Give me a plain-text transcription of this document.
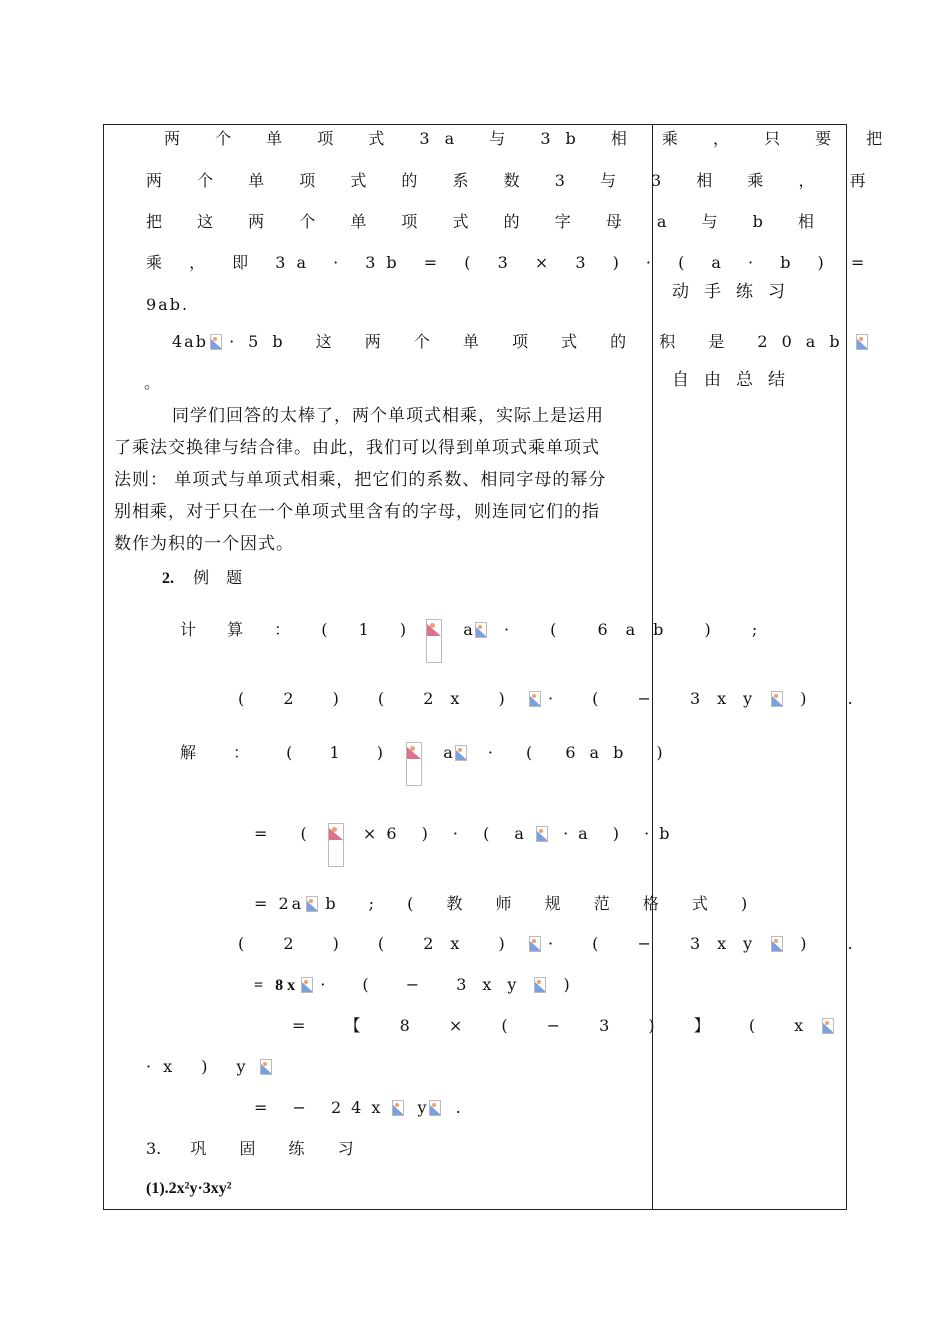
两 个 单 项 式 3a 与 3b 相 乘 ， 只 要 把
两 个 单 项 式 的 系 数 3 与 3 相 乘 ， 再
把 这 两 个 单 项 式 的 字 母 a 与 b 相
乘 ， 即 3a · 3b = ( 3 × 3 ) · ( a · b ) =
9ab.
4ab ·5b 这 两 个 单 项 式 的 积 是 20ab
。
同学们回答的太棒了，两个单项式相乘，实际上是运用
了乘法交换律与结合律。由此，我们可以得到单项式乘单项式
法则： 单项式与单项式相乘，把它们的系数、相同字母的幂分
别相乘，对于只在一个单项式里含有的字母，则连同它们的指
数作为积的一个因式。
2. 例 题
计 算 ： ( 1 )	a · ( 6ab ) ;
( 2 ) ( 2x ) · ( − 3xy ) .
解 ： ( 1 )	a · ( 6ab )
= (	×6 ) · ( a ·a ) ·b
= 2a b ; ( 教 师 规 范 格 式 )
( 2 ) ( 2x ) · ( − 3xy ) .
= 8x · ( − 3xy )
= 【 8 × ( − 3 ) 】 ( x
·x ) y
= − 24x y .
3. 巩 固 练 习
(1).2x²y·3xy²
动手练习
自由总结
